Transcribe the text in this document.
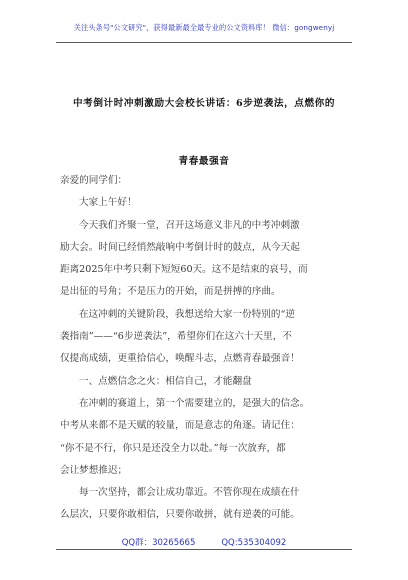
关注头条号"公文研究"，获得最新最全最专业的公文资料库！ 微信：gongwenyj
中考倒计时冲刺激励大会校长讲话：6步逆袭法，点燃你的
青春最强音

亲爱的同学们：

大家上午好！

今天我们齐聚一堂，召开这场意义非凡的中考冲刺激

励大会。时间已经悄然敲响中考倒计时的鼓点，从今天起

距离2025年中考只剩下短短60天。这不是结束的哀号，而

是出征的号角；不是压力的开始，而是拼搏的序曲。

在这冲刺的关键阶段，我想送给大家一份特别的“逆

袭指南”——“6步逆袭法”，希望你们在这六十天里，不

仅提高成绩，更重拾信心，唤醒斗志，点燃青春最强音！

一、点燃信念之火：相信自己，才能翻盘

在冲刺的赛道上，第一个需要建立的，是强大的信念。

中考从来都不是天赋的较量，而是意志的角逐。请记住：

“你不是不行，你只是还没全力以赴。”每一次放弃，都

会让梦想推迟；

每一次坚持，都会让成功靠近。不管你现在成绩在什

么层次，只要你敢相信，只要你敢拼，就有逆袭的可能。

QQ群：30265665	QQ:535304092
